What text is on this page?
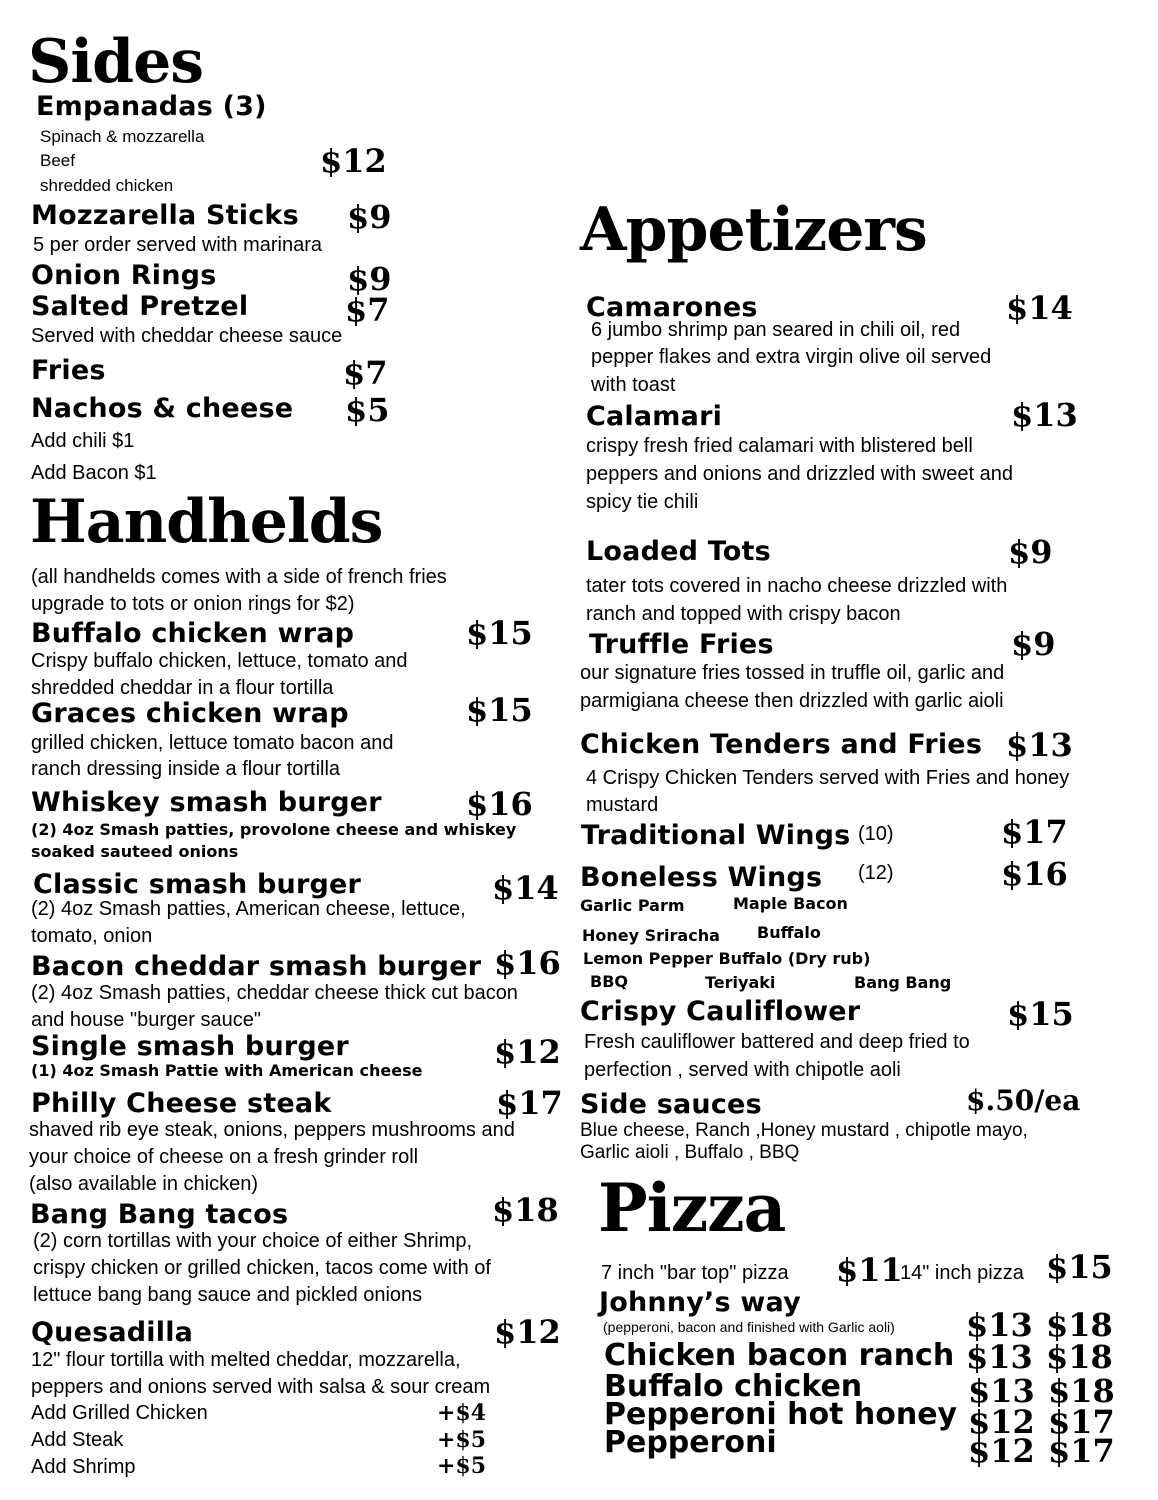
Sides
Empanadas (3)
Spinach & mozzarella
Beef
shredded chicken
$12
Mozzarella Sticks $9
5 per order served with marinara
Onion Rings	$9
Salted Pretzel	$7
Served with cheddar cheese sauce
Fries	$7
Nachos & cheese $5
Add chili $1
Add Bacon $1
Handhelds
(all handhelds comes with a side of french fries
upgrade to tots or onion rings for $2)
Buffalo chicken wrap	$15
Crispy buffalo chicken, lettuce, tomato and
shredded cheddar in a flour tortilla
Graces chicken wrap	$15
grilled chicken, lettuce tomato bacon and
ranch dressing inside a flour tortilla
Whiskey smash burger	$16
(2) 4oz Smash patties, provolone cheese and whiskey
soaked sauteed onions
Classic smash burger	$14
(2) 4oz Smash patties, American cheese, lettuce,
tomato, onion
Bacon cheddar smash burger $16
(2) 4oz Smash patties, cheddar cheese thick cut bacon
and house "burger sauce"
Single smash burger	$12
(1) 4oz Smash Pattie with American cheese
Philly Cheese steak	$17
shaved rib eye steak, onions, peppers mushrooms and
your choice of cheese on a fresh grinder roll
(also available in chicken)
Bang Bang tacos	$18
(2) corn tortillas with your choice of either Shrimp,
crispy chicken or grilled chicken, tacos come with of
lettuce bang bang sauce and pickled onions
Quesadilla	$12
12" flour tortilla with melted cheddar, mozzarella,
peppers and onions served with salsa & sour cream
Add Grilled Chicken	+$4
Add Steak	+$5
Add Shrimp	+$5
Appetizers
Camarones	$14
6 jumbo shrimp pan seared in chili oil, red
pepper flakes and extra virgin olive oil served
with toast
Calamari	$13
crispy fresh fried calamari with blistered bell
peppers and onions and drizzled with sweet and
spicy tie chili
Loaded Tots	$9
tater tots covered in nacho cheese drizzled with
ranch and topped with crispy bacon
Truffle Fries	$9
our signature fries tossed in truffle oil, garlic and
parmigiana cheese then drizzled with garlic aioli
Chicken Tenders and Fries $13
4 Crispy Chicken Tenders served with Fries and honey
mustard
Traditional Wings (10)	$17
Boneless Wings (12)	$16
Garlic Parm	Maple Bacon
Honey Sriracha Buffalo
Lemon Pepper Buffalo (Dry rub)
BBQ	Teriyaki	Bang Bang
Crispy Cauliflower	$15
Fresh cauliflower battered and deep fried to
perfection , served with chipotle aoli
Side sauces	$.50/ea
Blue cheese, Ranch ,Honey mustard , chipotle mayo,
Garlic aioli , Buffalo , BBQ
Pizza
7 inch "bar top" pizza $11
14" inch pizza $15
Johnny’s way
(pepperoni, bacon and finished with Garlic aoli) $13 $18
Chicken bacon ranch $13 $18
Buffalo chicken	$13 $18
Pepperoni hot honey $12 $17
Pepperoni	$12 $17
